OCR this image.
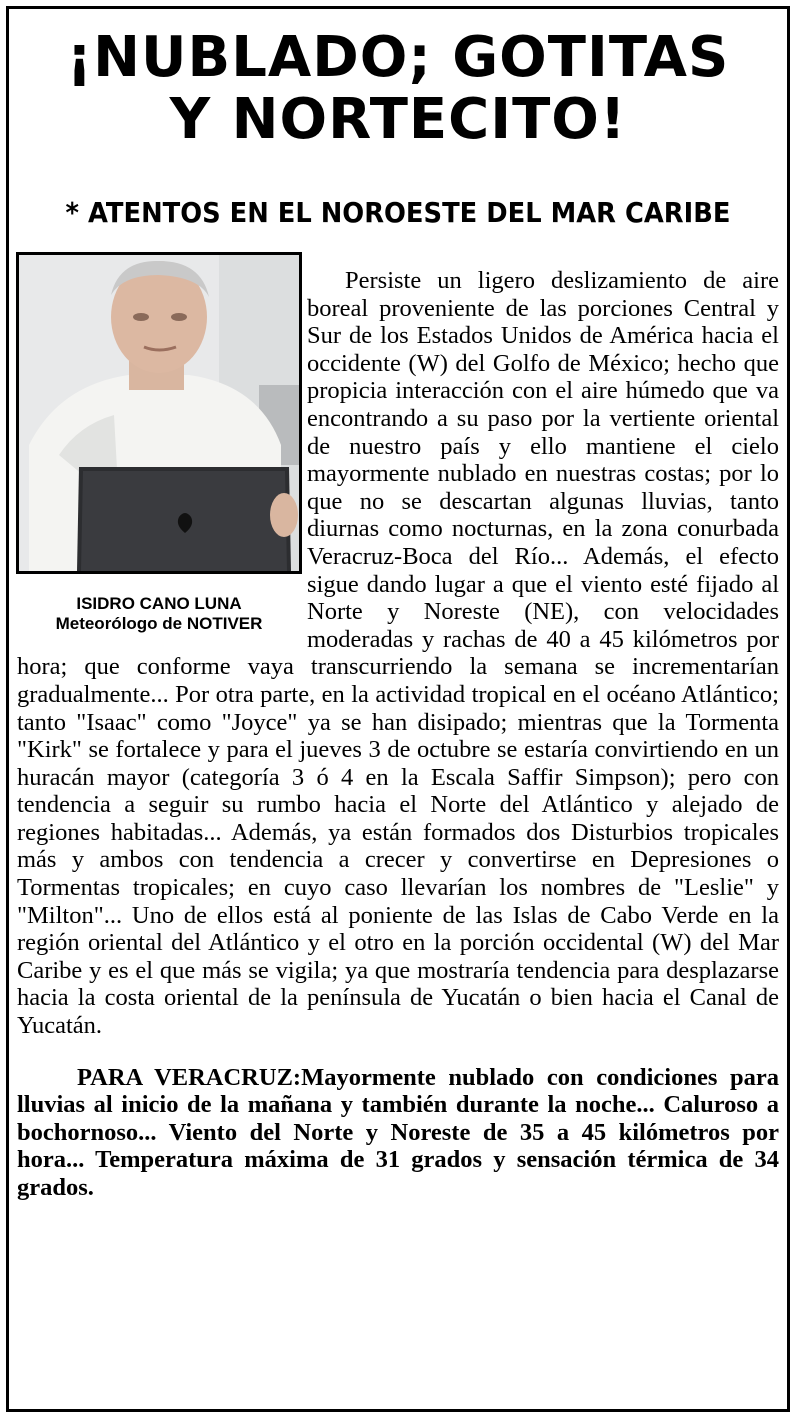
¡NUBLADO; GOTITAS
Y NORTECITO!
* ATENTOS EN EL NOROESTE DEL MAR CARIBE
ISIDRO CANO LUNA
Meteorólogo de NOTIVER

Persiste un ligero deslizamiento de aire boreal proveniente de las porciones Central y Sur de los Estados Unidos de América hacia el occidente (W) del Golfo de México; hecho que propicia interacción con el aire húmedo que va encontrando a su paso por la vertiente oriental de nuestro país y ello mantiene el cielo mayormente nublado en nuestras costas; por lo que no se descartan algunas lluvias, tanto diurnas como nocturnas, en la zona conurbada Veracruz-Boca del Río... Además, el efecto sigue dando lugar a que el viento esté fijado al Norte y Noreste (NE), con velocidades moderadas y rachas de 40 a 45 kilómetros por hora; que conforme vaya transcurriendo la semana se incrementarían gradualmente... Por otra parte, en la actividad tropical en el océano Atlántico; tanto "Isaac" como "Joyce" ya se han disipado; mientras que la Tormenta "Kirk" se fortalece y para el jueves 3 de octubre se estaría convirtiendo en un huracán mayor (categoría 3 ó 4 en la Escala Saffir Simpson); pero con tendencia a seguir su rumbo hacia el Norte del Atlántico y alejado de regiones habitadas... Además, ya están formados dos Disturbios tropicales más y ambos con tendencia a crecer y convertirse en Depresiones o Tormentas tropicales; en cuyo caso llevarían los nombres de "Leslie" y "Milton"... Uno de ellos está al poniente de las Islas de Cabo Verde en la región oriental del Atlántico y el otro en la porción occidental (W) del Mar Caribe y es el que más se vigila; ya que mostraría tendencia para desplazarse hacia la costa oriental de la península de Yucatán o bien hacia el Canal de Yucatán.

PARA VERACRUZ:Mayormente nublado con condiciones para lluvias al inicio de la mañana y también durante la noche... Caluroso a bochornoso... Viento del Norte y Noreste de 35 a 45 kilómetros por hora... Temperatura máxima de 31 grados y sensación térmica de 34 grados.
